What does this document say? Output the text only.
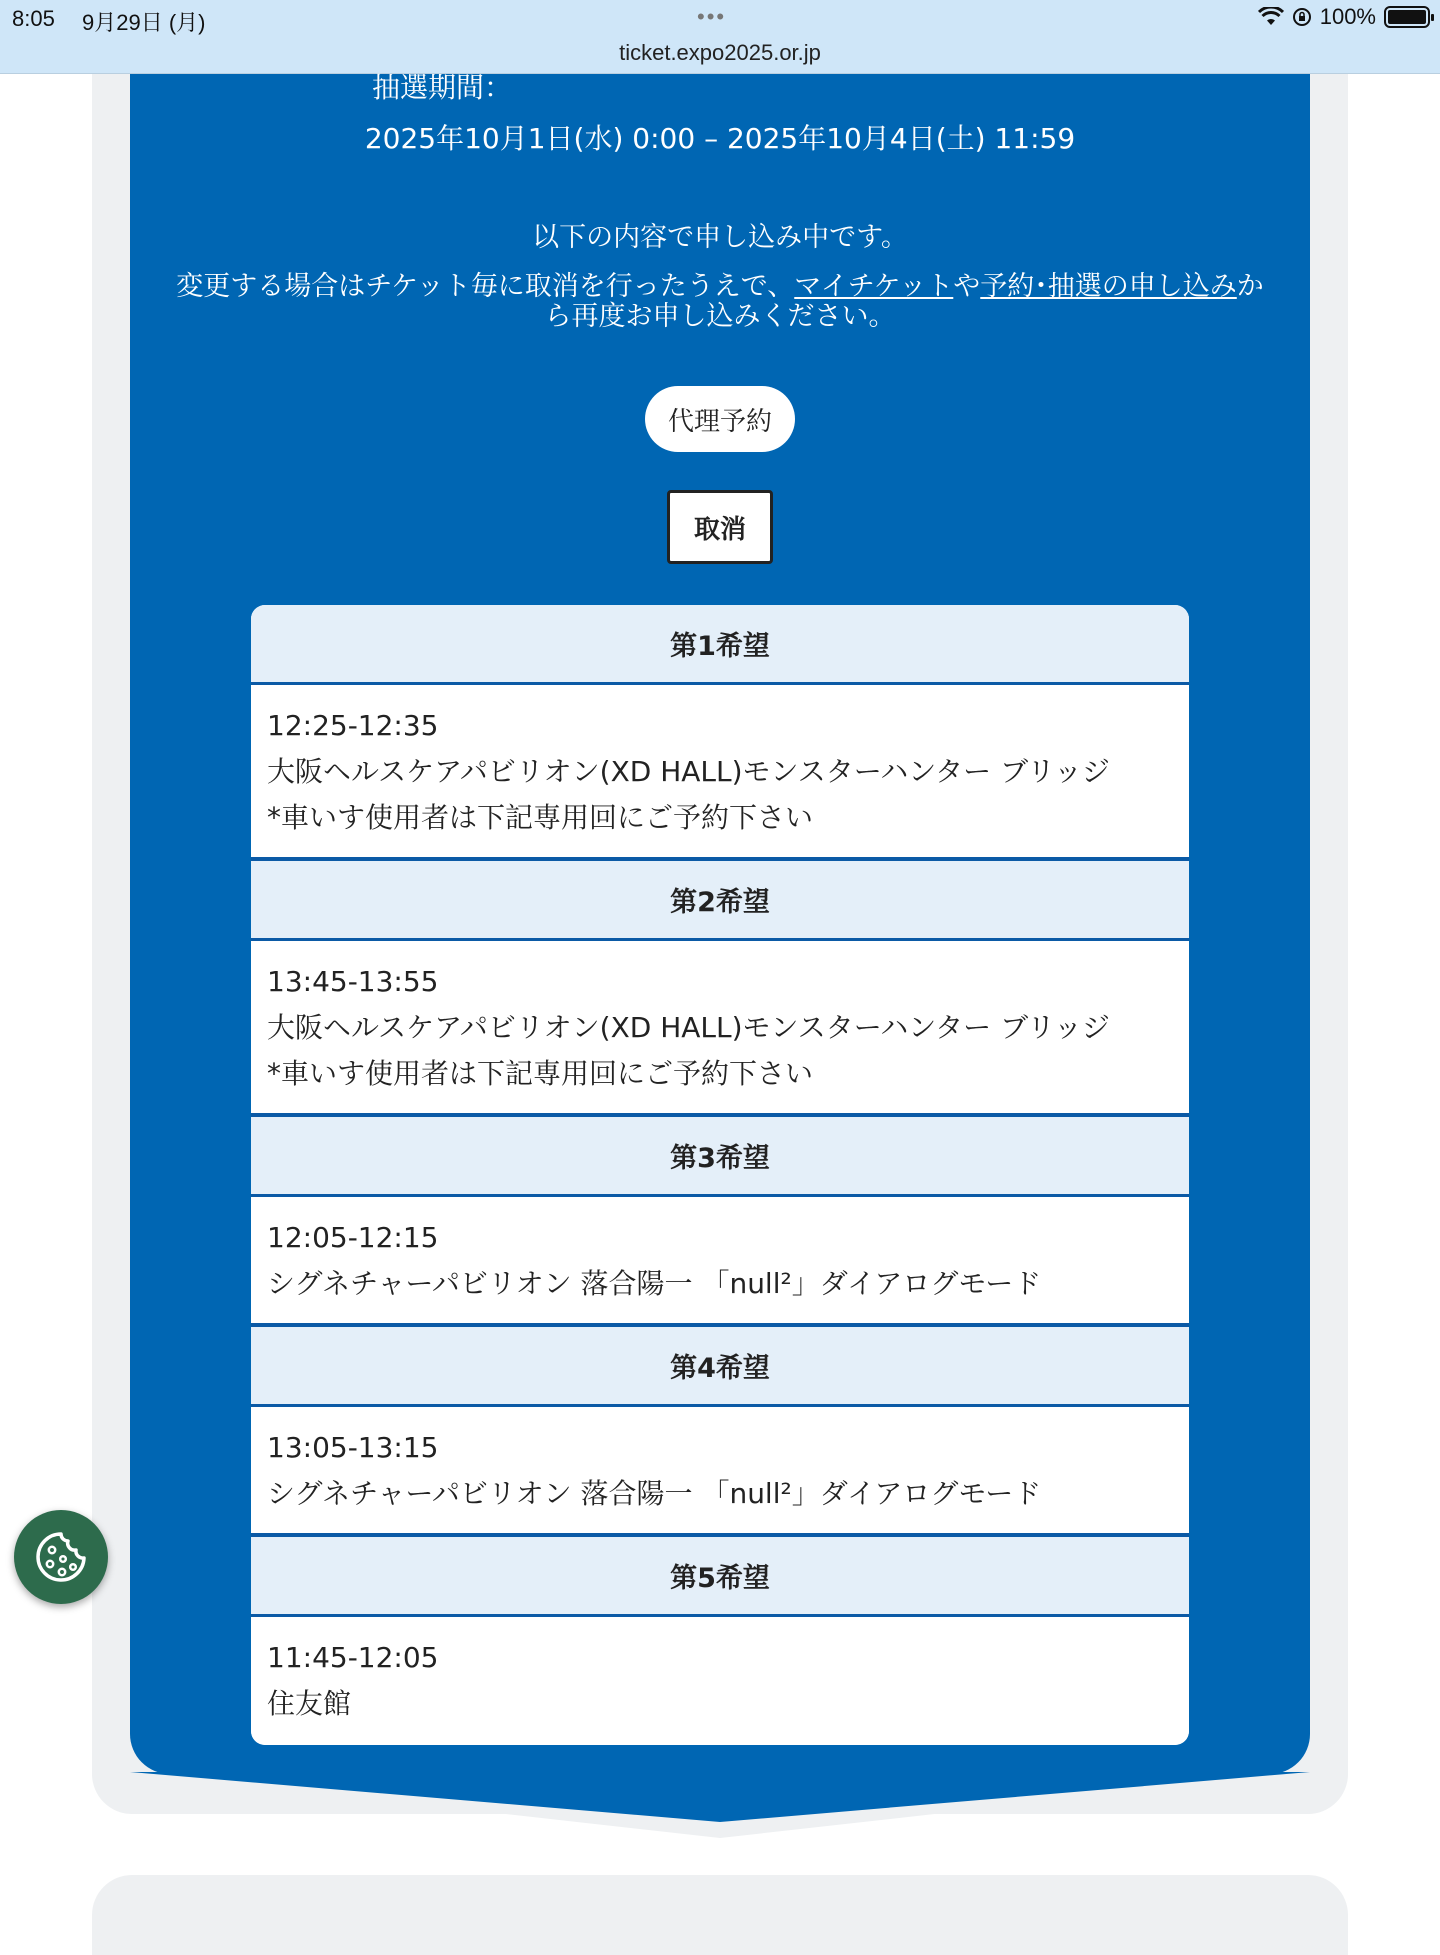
8:05 9月29日 (月)	•••
ticket.expo2025.or.jp
100%
抽選期間：
2025年10月1日(水) 0:00 – 2025年10月4日(土) 11:59
以下の内容で申し込み中です。
変更する場合はチケット毎に取消を行ったうえで、マイチケットや予約･抽選の申し込みから再度お申し込みください。
代理予約
取消
第1希望
12:25-12:35
大阪ヘルスケアパビリオン(XD HALL)モンスターハンター ブリッジ
*車いす使用者は下記専用回にご予約下さい
第2希望
13:45-13:55
大阪ヘルスケアパビリオン(XD HALL)モンスターハンター ブリッジ
*車いす使用者は下記専用回にご予約下さい
第3希望
12:05-12:15
シグネチャーパビリオン 落合陽一 「null²」ダイアログモード
第4希望
13:05-13:15
シグネチャーパビリオン 落合陽一 「null²」ダイアログモード
第5希望
11:45-12:05
住友館
